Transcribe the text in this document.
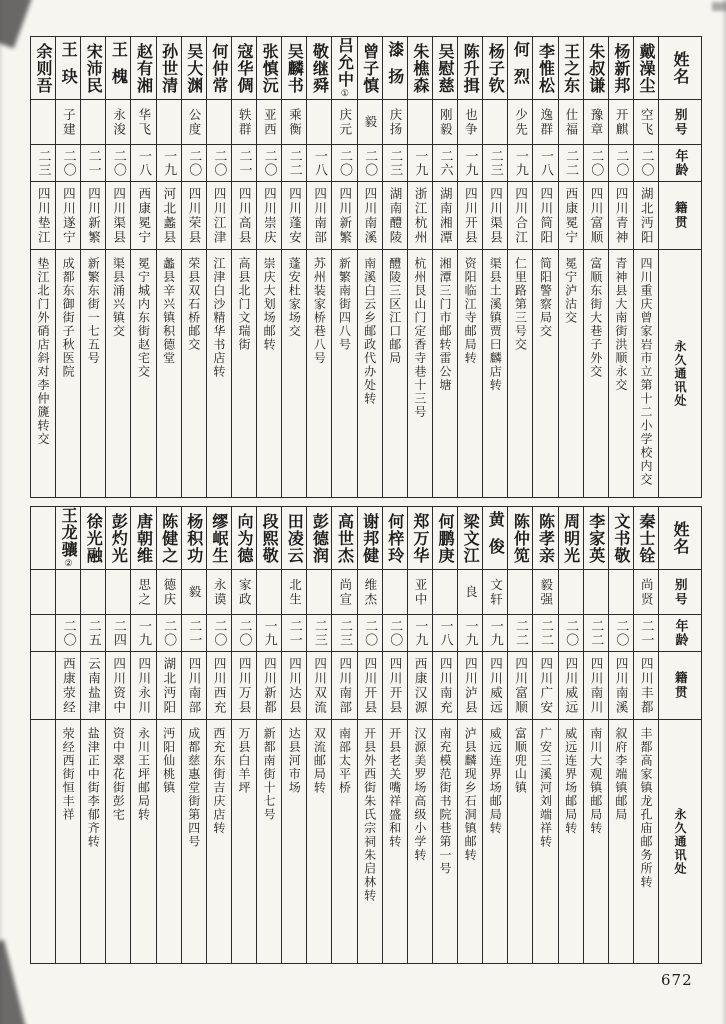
姓名
别号
年龄
籍贯
永久通讯处
戴澡尘
空飞
二〇
湖北沔阳
四川重庆曾家岩市立第十二小学校内交
杨新邦
开麒
二〇
四川青神
青神县大南街洪顺永交
朱叔谦
豫章
二〇
四川富顺
富顺东街大巷子外交
王之东
仕福
二二
西康冕宁
冕宁泸沽交
李惟松
逸群
一八
四川简阳
简阳警察局交
何烈
少先
一九
四川合江
仁里路第三号交
杨子钦
二三
四川渠县
渠县土溪镇贾曰麟店转
陈升揖
也争
一九
四川开县
资阳临江寺邮局转
吴慰慈
刚毅
二六
湖南湘潭
湘潭三门市邮转雷公塘
朱樵森
一九
浙江杭州
杭州艮山门定香寺巷十三号
漆扬
庆扬
二三
湖南醴陵
醴陵三区江口邮局
曾子慎
毅
二〇
四川南溪
南溪白云乡邮政代办处转
吕允中
①
庆元
二〇
四川新繁
新繁南街四八号
敬继舜
一八
四川南部
苏州装家桥巷八号
吴麟书
乘衡
二二
四川蓬安
蓬安杜家场交
张慎沅
亚西
二〇
四川崇庆
崇庆大划场邮转
寇华倜
轶群
二一
四川高县
高县北门文瑞街
何仲常
二〇
四川江津
江津白沙精华书店转
吴大渊
公度
二〇
四川荣县
荣县双石桥邮交
孙世清
一九
河北蠡县
蠡县辛兴镇积德堂
赵有湘
华飞
一八
西康冕宁
冕宁城内东街赵宅交
王槐
永浚
二〇
四川渠县
渠县涌兴镇交
宋沛民
二一
四川新繁
新繁东街一七五号
王玦
子建
二〇
四川遂宁
成都东御街子秋医院
余则吾
二三
四川垫江
垫江北门外硝店斜对李仲篪转交
姓名
别号
年龄
籍贯
永久通讯处
秦士铨
尚贤
二一
四川丰都
丰都高家镇龙孔庙邮务所转
文书敬
二〇
四川南溪
叙府李端镇邮局
李家英
二二
四川南川
南川大观镇邮局转
周明光
二〇
四川威远
威远连界场邮局转
陈孝亲
毅强
二二
四川广安
广安三溪河刘端祥转
陈仲笕
二二
四川富顺
富顺兜山镇
黄俊
文轩
一九
四川威远
威远连界场邮局转
梁文江
良
一九
四川泸县
泸县麟现乡石洞镇邮转
何鹏庚
一八
四川南充
南充模范街书院巷第一号
郑万华
亚中
一九
西康汉源
汉源美罗场高级小学转
何梓玲
二〇
四川开县
开县老关嘴祥盛和转
谢邦健
维杰
二〇
四川开县
开县外西街朱氏宗祠朱启林转
高世杰
尚宣
二三
四川南部
南部太平桥
彭德润
二三
四川双流
双流邮局转
田凌云
北生
二一
四川达县
达县河市场
段熙敬
一九
四川新都
新都南街十七号
向为德
家政
二〇
四川万县
万县白羊坪
缪岷生
永谟
二〇
四川西充
西充东街吉庆店转
杨积功
毅
二一
四川南部
成都慈惠堂街第四号
陈健之
德庆
二〇
湖北沔阳
沔阳仙桃镇
唐朝维
思之
一九
四川永川
永川王坪邮局转
彭灼光
二四
四川资中
资中翠花街彭宅
徐光融
二五
云南盐津
盐津正中街李郁齐转
王龙骧
②
二〇
西康荥经
荥经西街恒丰祥
672
